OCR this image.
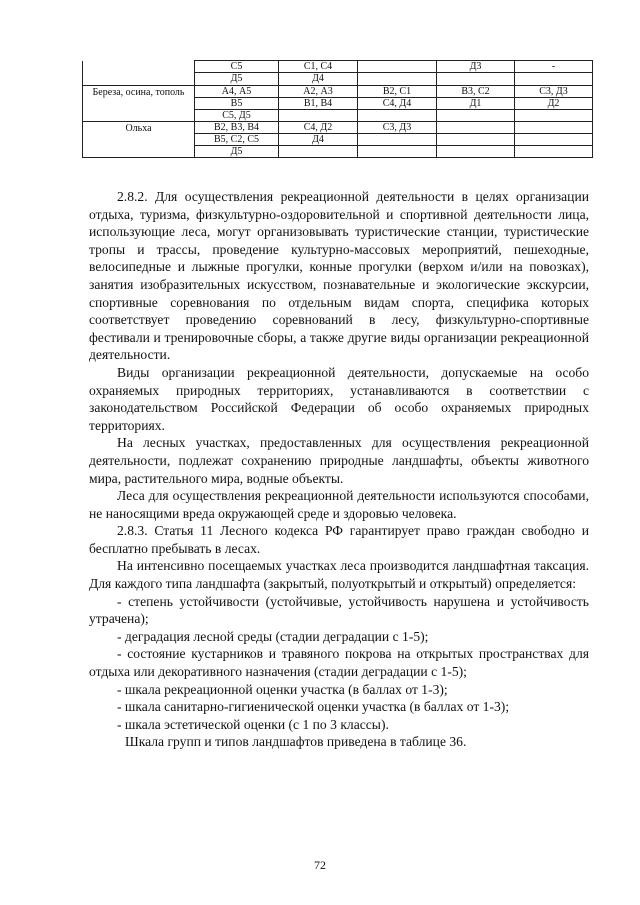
	С5	С1, С4		Д3	-
	Д5	Д4			
Береза, осина, тополь	А4, А5	А2, А3	В2, С1	В3, С2	С3, Д3
	В5	В1, В4	С4, Д4	Д1	Д2
	С5, Д5				
Ольха	В2, В3, В4	С4, Д2	С3, Д3		
	В5, С2, С5	Д4			
	Д5				

2.8.2. Для осуществления рекреационной деятельности в целях организации отдыха, туризма, физкультурно-оздоровительной и спортивной деятельности лица, использующие леса, могут организовывать туристические станции, туристические тропы и трассы, проведение культурно-массовых мероприятий, пешеходные, велосипедные и лыжные прогулки, конные прогулки (верхом и/или на повозках), занятия изобразительных искусством, познавательные и экологические экскурсии, спортивные соревнования по отдельным видам спорта, специфика которых соответствует проведению соревнований в лесу, физкультурно-спортивные фестивали и тренировочные сборы, а также другие виды организации рекреационной деятельности.

Виды организации рекреационной деятельности, допускаемые на особо охраняемых природных территориях, устанавливаются в соответствии с законодательством Российской Федерации об особо охраняемых природных территориях.

На лесных участках, предоставленных для осуществления рекреационной деятельности, подлежат сохранению природные ландшафты, объекты животного мира, растительного мира, водные объекты.

Леса для осуществления рекреационной деятельности используются способами, не наносящими вреда окружающей среде и здоровью человека.

2.8.3. Статья 11 Лесного кодекса РФ гарантирует право граждан свободно и бесплатно пребывать в лесах.

На интенсивно посещаемых участках леса производится ландшафтная таксация. Для каждого типа ландшафта (закрытый, полуоткрытый и открытый) определяется:

- степень устойчивости (устойчивые, устойчивость нарушена и устойчивость утрачена);

- деградация лесной среды (стадии деградации с 1-5);

- состояние кустарников и травяного покрова на открытых пространствах для отдыха или декоративного назначения (стадии деградации с 1-5);

- шкала рекреационной оценки участка (в баллах от 1-3);

- шкала санитарно-гигиенической оценки участка (в баллах от 1-3);

- шкала эстетической оценки (с 1 по 3 классы).

Шкала групп и типов ландшафтов приведена в таблице 36.

72
